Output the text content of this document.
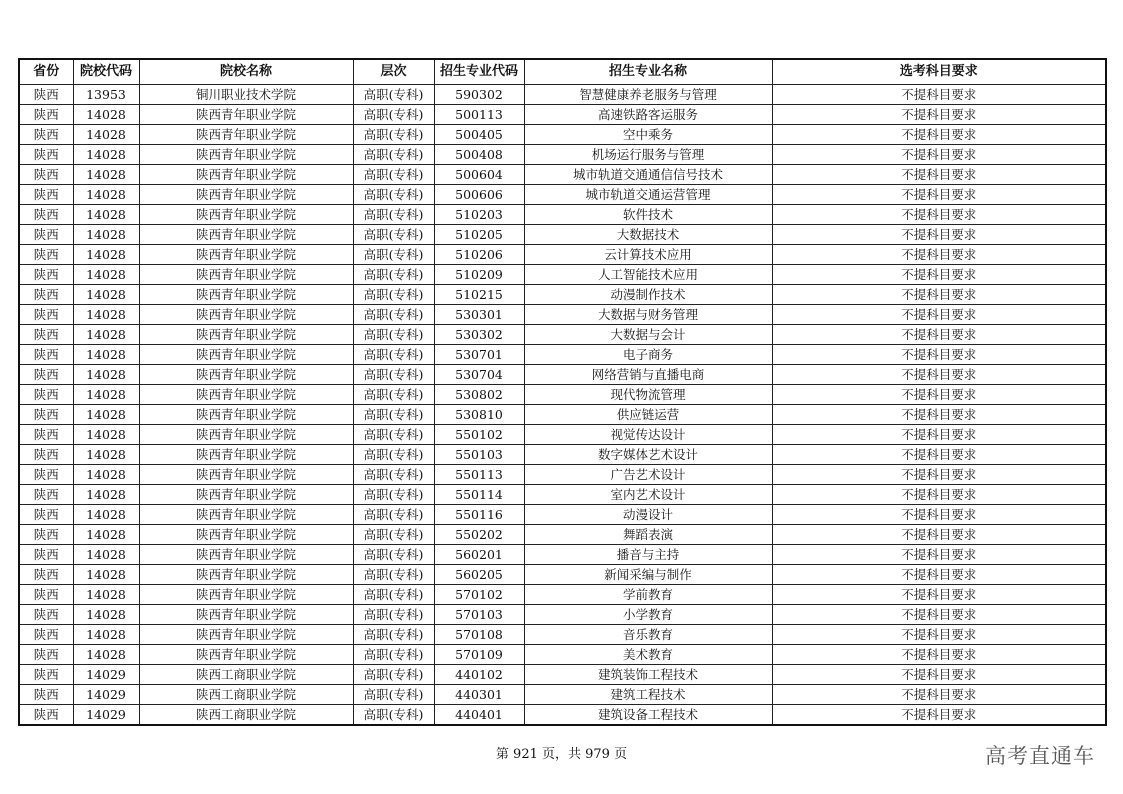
省份	院校代码	院校名称	层次	招生专业代码	招生专业名称	选考科目要求
陕西	13953	铜川职业技术学院	高职(专科)	590302	智慧健康养老服务与管理	不提科目要求
陕西	14028	陕西青年职业学院	高职(专科)	500113	高速铁路客运服务	不提科目要求
陕西	14028	陕西青年职业学院	高职(专科)	500405	空中乘务	不提科目要求
陕西	14028	陕西青年职业学院	高职(专科)	500408	机场运行服务与管理	不提科目要求
陕西	14028	陕西青年职业学院	高职(专科)	500604	城市轨道交通通信信号技术	不提科目要求
陕西	14028	陕西青年职业学院	高职(专科)	500606	城市轨道交通运营管理	不提科目要求
陕西	14028	陕西青年职业学院	高职(专科)	510203	软件技术	不提科目要求
陕西	14028	陕西青年职业学院	高职(专科)	510205	大数据技术	不提科目要求
陕西	14028	陕西青年职业学院	高职(专科)	510206	云计算技术应用	不提科目要求
陕西	14028	陕西青年职业学院	高职(专科)	510209	人工智能技术应用	不提科目要求
陕西	14028	陕西青年职业学院	高职(专科)	510215	动漫制作技术	不提科目要求
陕西	14028	陕西青年职业学院	高职(专科)	530301	大数据与财务管理	不提科目要求
陕西	14028	陕西青年职业学院	高职(专科)	530302	大数据与会计	不提科目要求
陕西	14028	陕西青年职业学院	高职(专科)	530701	电子商务	不提科目要求
陕西	14028	陕西青年职业学院	高职(专科)	530704	网络营销与直播电商	不提科目要求
陕西	14028	陕西青年职业学院	高职(专科)	530802	现代物流管理	不提科目要求
陕西	14028	陕西青年职业学院	高职(专科)	530810	供应链运营	不提科目要求
陕西	14028	陕西青年职业学院	高职(专科)	550102	视觉传达设计	不提科目要求
陕西	14028	陕西青年职业学院	高职(专科)	550103	数字媒体艺术设计	不提科目要求
陕西	14028	陕西青年职业学院	高职(专科)	550113	广告艺术设计	不提科目要求
陕西	14028	陕西青年职业学院	高职(专科)	550114	室内艺术设计	不提科目要求
陕西	14028	陕西青年职业学院	高职(专科)	550116	动漫设计	不提科目要求
陕西	14028	陕西青年职业学院	高职(专科)	550202	舞蹈表演	不提科目要求
陕西	14028	陕西青年职业学院	高职(专科)	560201	播音与主持	不提科目要求
陕西	14028	陕西青年职业学院	高职(专科)	560205	新闻采编与制作	不提科目要求
陕西	14028	陕西青年职业学院	高职(专科)	570102	学前教育	不提科目要求
陕西	14028	陕西青年职业学院	高职(专科)	570103	小学教育	不提科目要求
陕西	14028	陕西青年职业学院	高职(专科)	570108	音乐教育	不提科目要求
陕西	14028	陕西青年职业学院	高职(专科)	570109	美术教育	不提科目要求
陕西	14029	陕西工商职业学院	高职(专科)	440102	建筑装饰工程技术	不提科目要求
陕西	14029	陕西工商职业学院	高职(专科)	440301	建筑工程技术	不提科目要求
陕西	14029	陕西工商职业学院	高职(专科)	440401	建筑设备工程技术	不提科目要求
第 921 页，共 979 页	高考直通车
